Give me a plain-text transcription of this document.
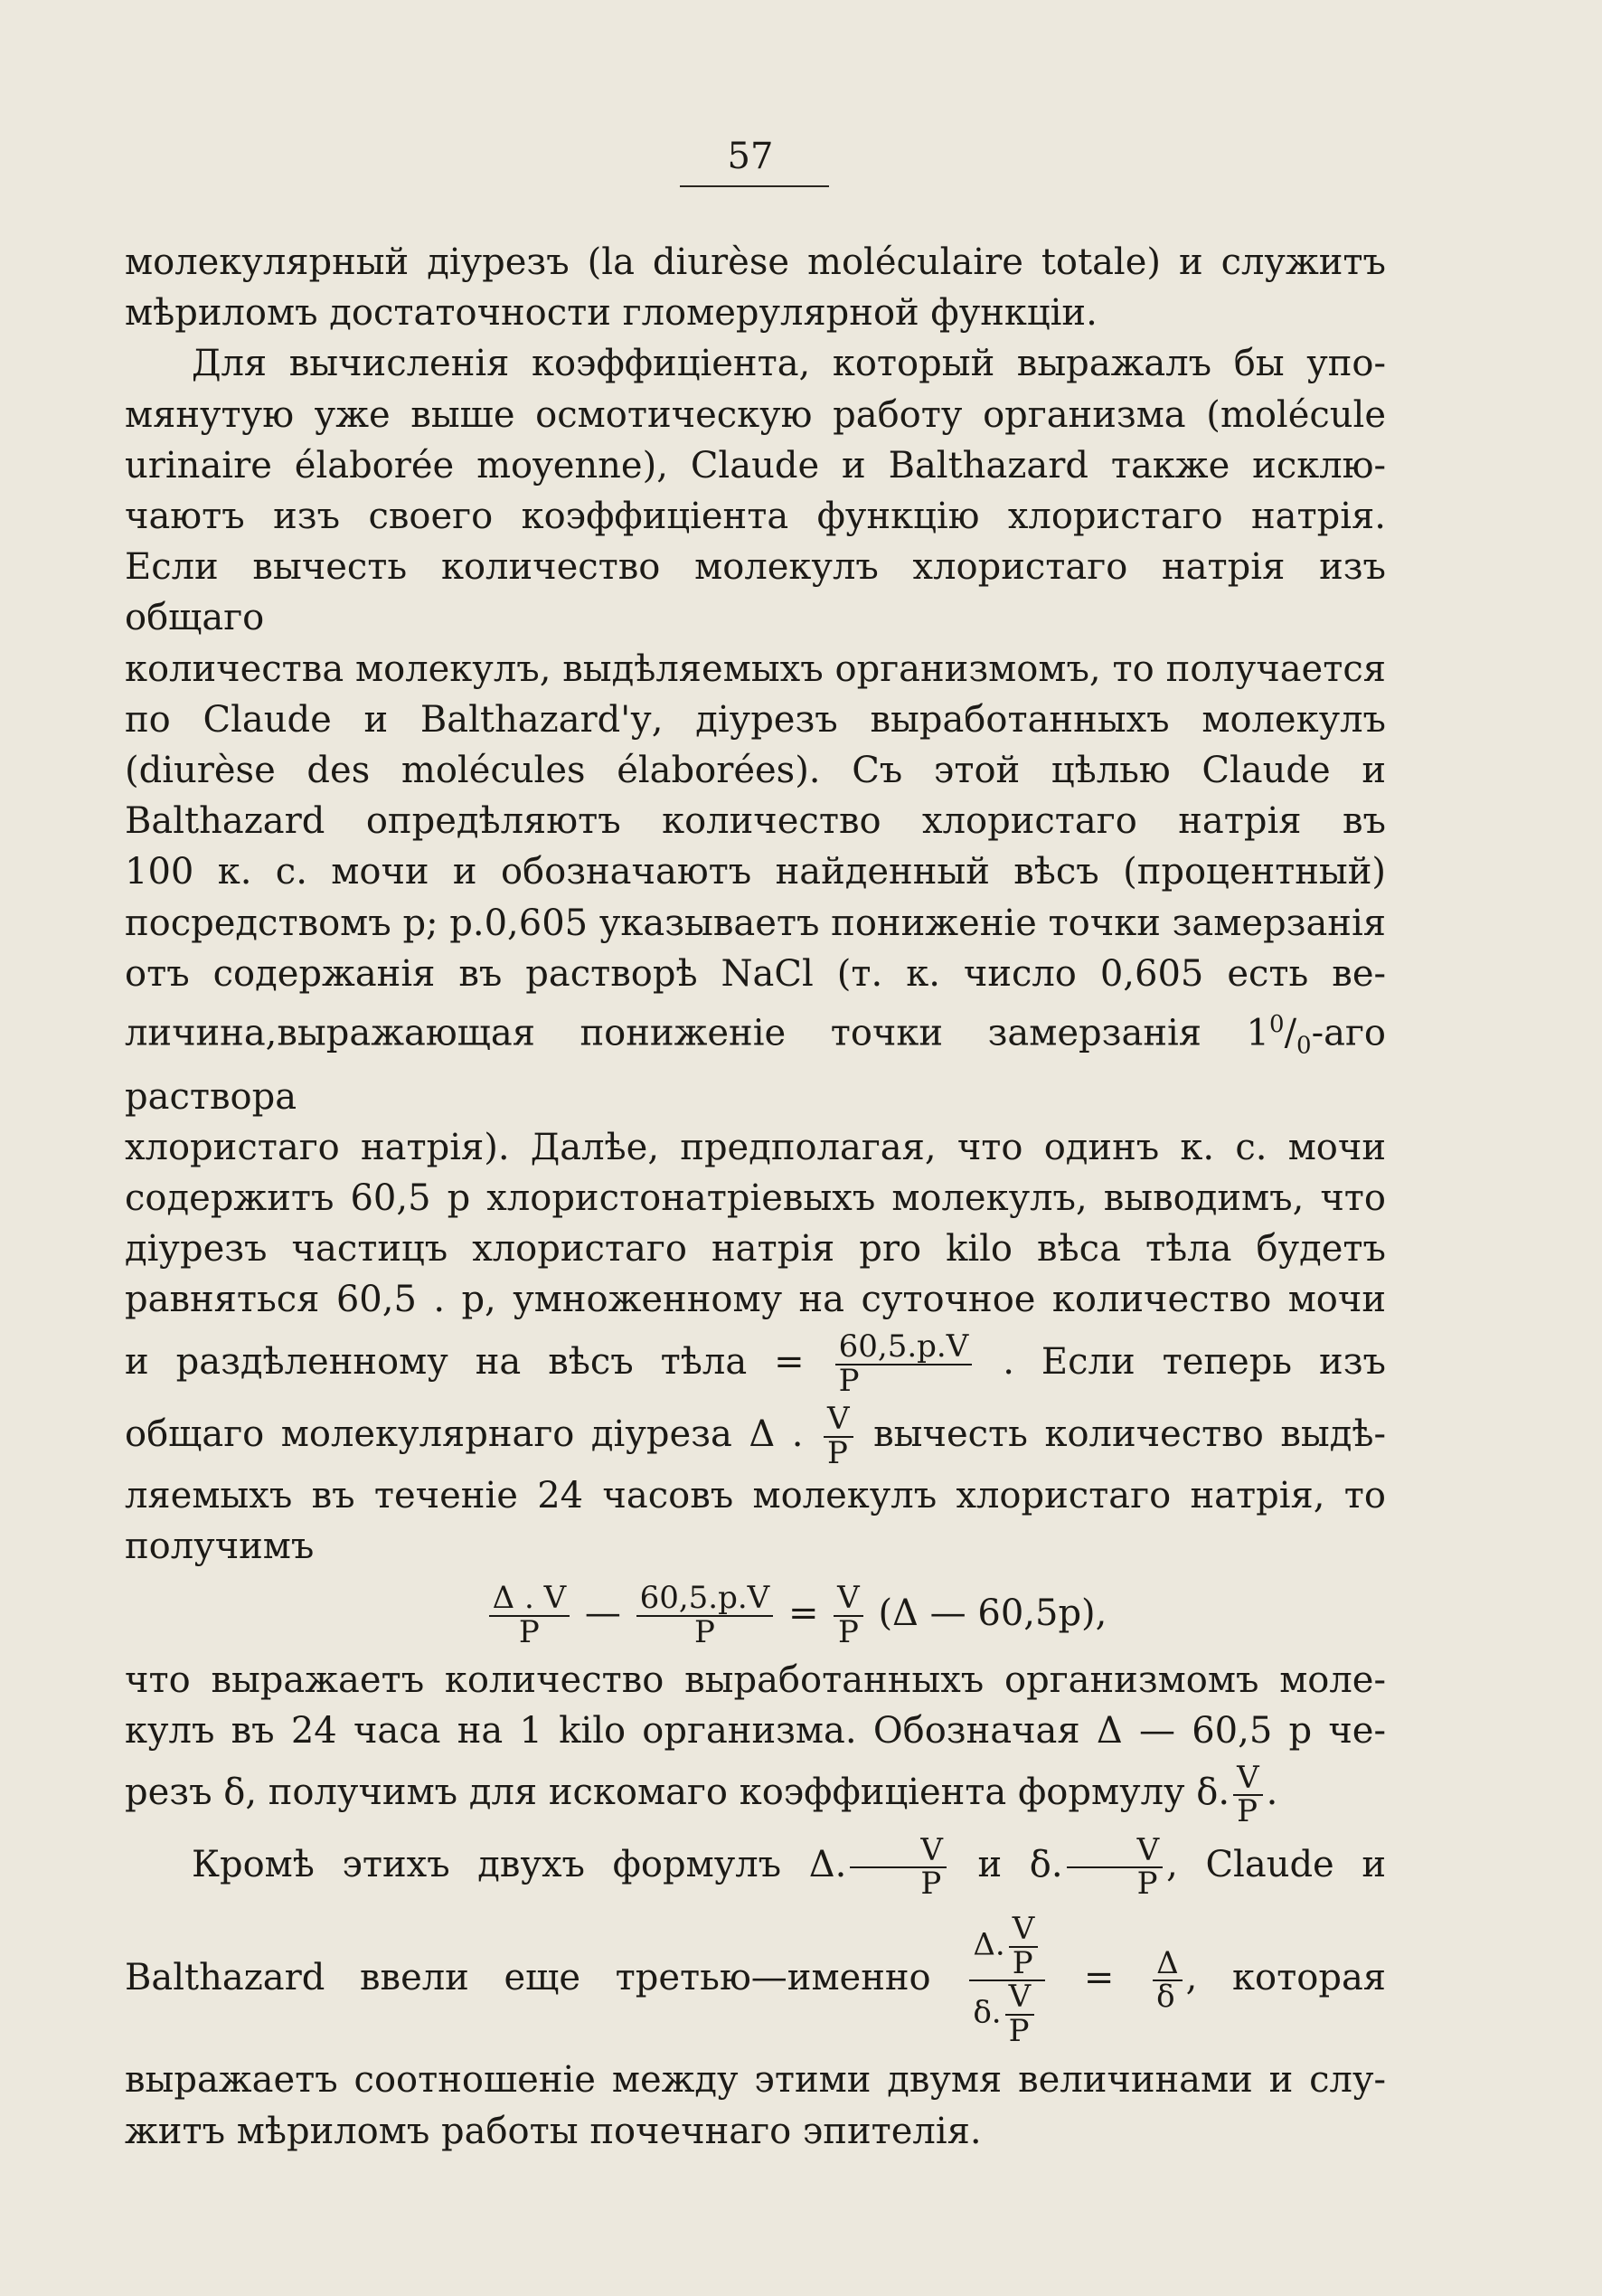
57

молекулярный діурезъ (la diurèse moléculaire totale) и служитъ

мѣриломъ достаточности гломерулярной функціи.

Для вычисленія коэффиціента, который выражалъ бы упо-

мянутую уже выше осмотическую работу организма (molécule

urinaire élaborée moyenne), Claude и Balthazard также исклю-

чаютъ изъ своего коэффиціента функцію хлористаго натрія.

Если вычесть количество молекулъ хлористаго натрія изъ общаго

количества молекулъ, выдѣляемыхъ организмомъ, то получается

по Claude и Balthazard'у, діурезъ выработанныхъ молекулъ

(diurèse des molécules élaborées). Съ этой цѣлью Claude и

Balthazard опредѣляютъ количество хлористаго натрія въ

100 к. с. мочи и обозначаютъ найденный вѣсъ (процентный)

посредствомъ p; p.0,605 указываетъ пониженіе точки замерзанія

отъ содержанія въ растворѣ NaCl (т. к. число 0,605 есть ве-

личина,выражающая пониженіе точки замерзанія $1^0/_0$-аго раствора

хлористаго натрія). Далѣе, предполагая, что одинъ к. с. мочи

содержитъ 60,5 p хлористонатріевыхъ молекулъ, выводимъ, что

діурезъ частицъ хлористаго натрія pro kilo вѣса тѣла будетъ

равняться 60,5 . p, умноженному на суточное количество мочи

и раздѣленному на вѣсъ тѣла = $\frac{60,5.p.V}{P}$ . Если теперь изъ

общаго молекулярнаго діуреза Δ . $\frac{V}{P}$ вычесть количество выдѣ-

ляемыхъ въ теченіе 24 часовъ молекулъ хлористаго натрія, то

получимъ

$\frac{\Delta . V}{P}$ — $\frac{60,5.p.V}{P} = \frac{V}{P} (\Delta$ — 60,5p),

что выражаетъ количество выработанныхъ организмомъ моле-

кулъ въ 24 часа на 1 kilo организма. Обозначая Δ — 60,5 p че-

резъ δ, получимъ для искомаго коэффиціента формулу δ. $\frac{V}{P}$ .

Кромѣ этихъ двухъ формулъ Δ. $\frac{V}{P}$ и δ. $\frac{V}{P}$ , Claude и

Balthazard ввели еще третью—именно $\frac{\Delta. \frac{V}{P}}{\delta. \frac{V}{P}} = \frac{\Delta}{\delta}$ , которая

выражаетъ соотношеніе между этими двумя величинами и слу-

житъ мѣриломъ работы почечнаго эпителія.
